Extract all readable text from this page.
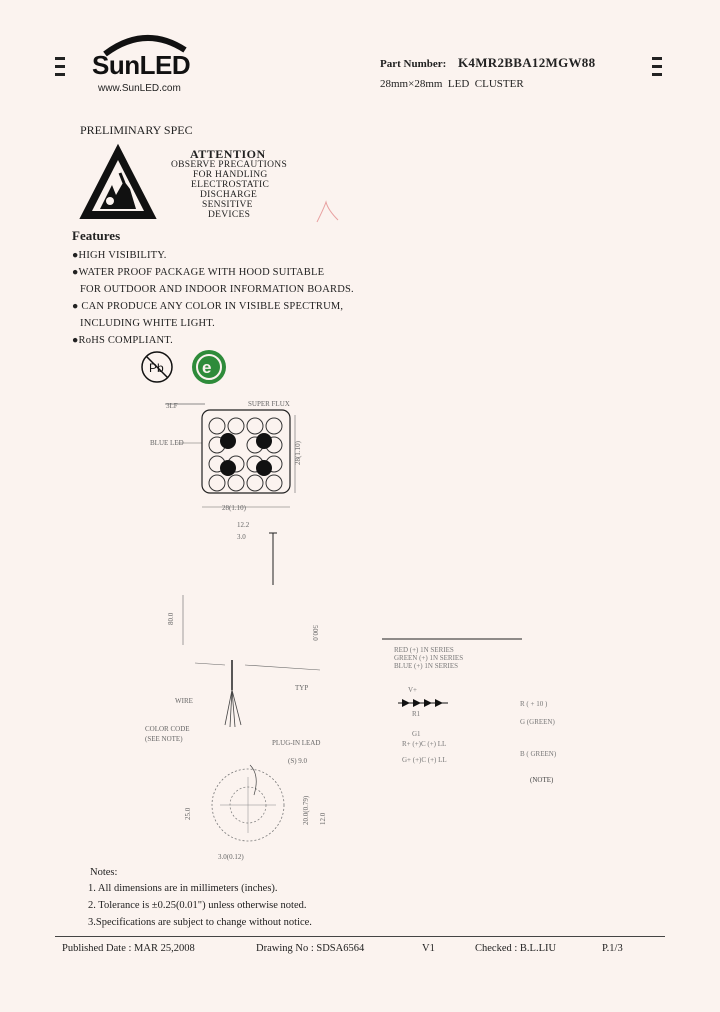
SunLED
www.SunLED.com
Part Number: K4MR2BBA12MGW88
28mm×28mm  LED  CLUSTER
PRELIMINARY SPEC
ATTENTION
OBSERVE PRECAUTIONS
FOR HANDLING
ELECTROSTATIC
DISCHARGE
SENSITIVE
DEVICES
Features
●HIGH VISIBILITY.
●WATER PROOF PACKAGE WITH HOOD SUITABLE
FOR OUTDOOR AND INDOOR INFORMATION BOARDS.
● CAN PRODUCE ANY COLOR IN VISIBLE SPECTRUM,
INCLUDING WHITE LIGHT.
●RoHS COMPLIANT.
Pb e
3LF	SUPER FLUX
BLUE LED	28(1.10)
28(1.10)
12.2
3.0
500.0
80.0
WIRE
COLOR CODE
(SEE NOTE)
TYP
PLUG-IN LEAD
(S) 9.0
25.0	20.0(0.79) 12.0
3.0(0.12)
RED (+) 1N SERIES
GREEN (+) 1N SERIES
BLUE (+) 1N SERIES
V+
R ( + 10 )
R1
G (GREEN)
G1
R+ (+)C (+) LL
G+ (+)C (+) LL
B ( GREEN)
(NOTE)
Notes:
1. All dimensions are in millimeters (inches).
2. Tolerance is ±0.25(0.01") unless otherwise noted.
3.Specifications are subject to change without notice.
Published Date : MAR 25,2008	Drawing No : SDSA6564	V1	Checked : B.L.LIU	P.1/3
